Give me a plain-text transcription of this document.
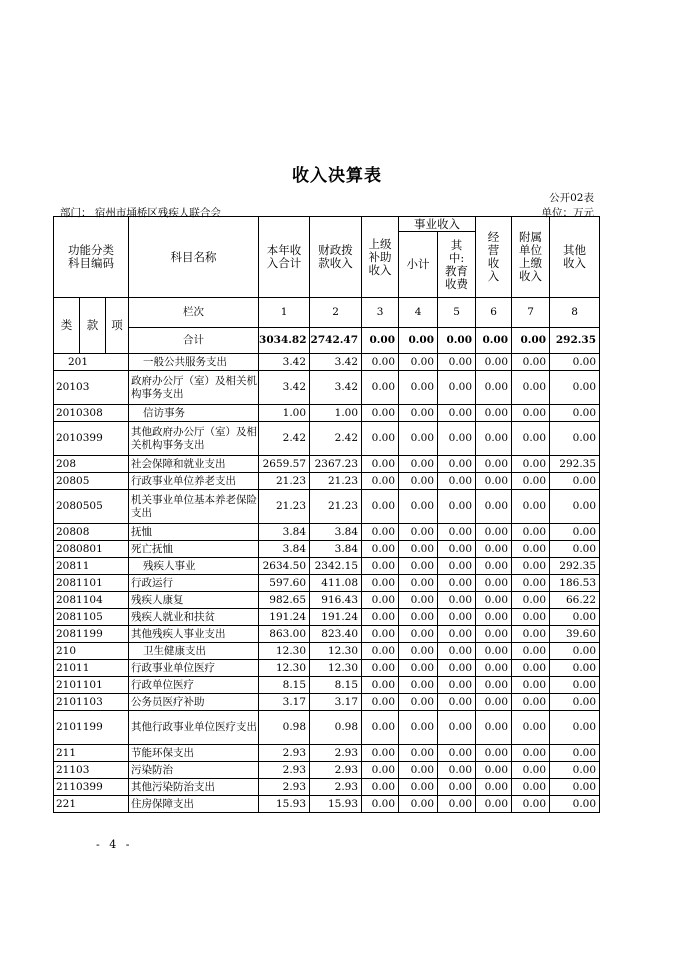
收入决算表
公开02表
部门： 宿州市埇桥区残疾人联合会	单位：万元
功能分类科目编码			科目名称	本年收入合计	财政拨款收入	上级补助收入	事业收入		经营收入	附属单位上缴收入	其他收入
							小计	其中:教育收费			

类	款	项	栏次	1	2	3	4	5	6	7	8
			合计	3034.82	2742.47	0.00	0.00	0.00	0.00	0.00	292.35
201			一般公共服务支出	3.42	3.42	0.00	0.00	0.00	0.00	0.00	0.00
20103			政府办公厅（室）及相关机构事务支出	3.42	3.42	0.00	0.00	0.00	0.00	0.00	0.00
2010308			信访事务	1.00	1.00	0.00	0.00	0.00	0.00	0.00	0.00
2010399			其他政府办公厅（室）及相关机构事务支出	2.42	2.42	0.00	0.00	0.00	0.00	0.00	0.00
208			社会保障和就业支出	2659.57	2367.23	0.00	0.00	0.00	0.00	0.00	292.35
20805			行政事业单位养老支出	21.23	21.23	0.00	0.00	0.00	0.00	0.00	0.00
2080505			机关事业单位基本养老保险支出	21.23	21.23	0.00	0.00	0.00	0.00	0.00	0.00
20808			抚恤	3.84	3.84	0.00	0.00	0.00	0.00	0.00	0.00
2080801			死亡抚恤	3.84	3.84	0.00	0.00	0.00	0.00	0.00	0.00
20811			残疾人事业	2634.50	2342.15	0.00	0.00	0.00	0.00	0.00	292.35
2081101			行政运行	597.60	411.08	0.00	0.00	0.00	0.00	0.00	186.53
2081104			残疾人康复	982.65	916.43	0.00	0.00	0.00	0.00	0.00	66.22
2081105			残疾人就业和扶贫	191.24	191.24	0.00	0.00	0.00	0.00	0.00	0.00
2081199			其他残疾人事业支出	863.00	823.40	0.00	0.00	0.00	0.00	0.00	39.60
210			卫生健康支出	12.30	12.30	0.00	0.00	0.00	0.00	0.00	0.00
21011			行政事业单位医疗	12.30	12.30	0.00	0.00	0.00	0.00	0.00	0.00
2101101			行政单位医疗	8.15	8.15	0.00	0.00	0.00	0.00	0.00	0.00
2101103			公务员医疗补助	3.17	3.17	0.00	0.00	0.00	0.00	0.00	0.00
2101199			其他行政事业单位医疗支出	0.98	0.98	0.00	0.00	0.00	0.00	0.00	0.00
211			节能环保支出	2.93	2.93	0.00	0.00	0.00	0.00	0.00	0.00
21103			污染防治	2.93	2.93	0.00	0.00	0.00	0.00	0.00	0.00
2110399			其他污染防治支出	2.93	2.93	0.00	0.00	0.00	0.00	0.00	0.00
221			住房保障支出	15.93	15.93	0.00	0.00	0.00	0.00	0.00	0.00
- 4 -
